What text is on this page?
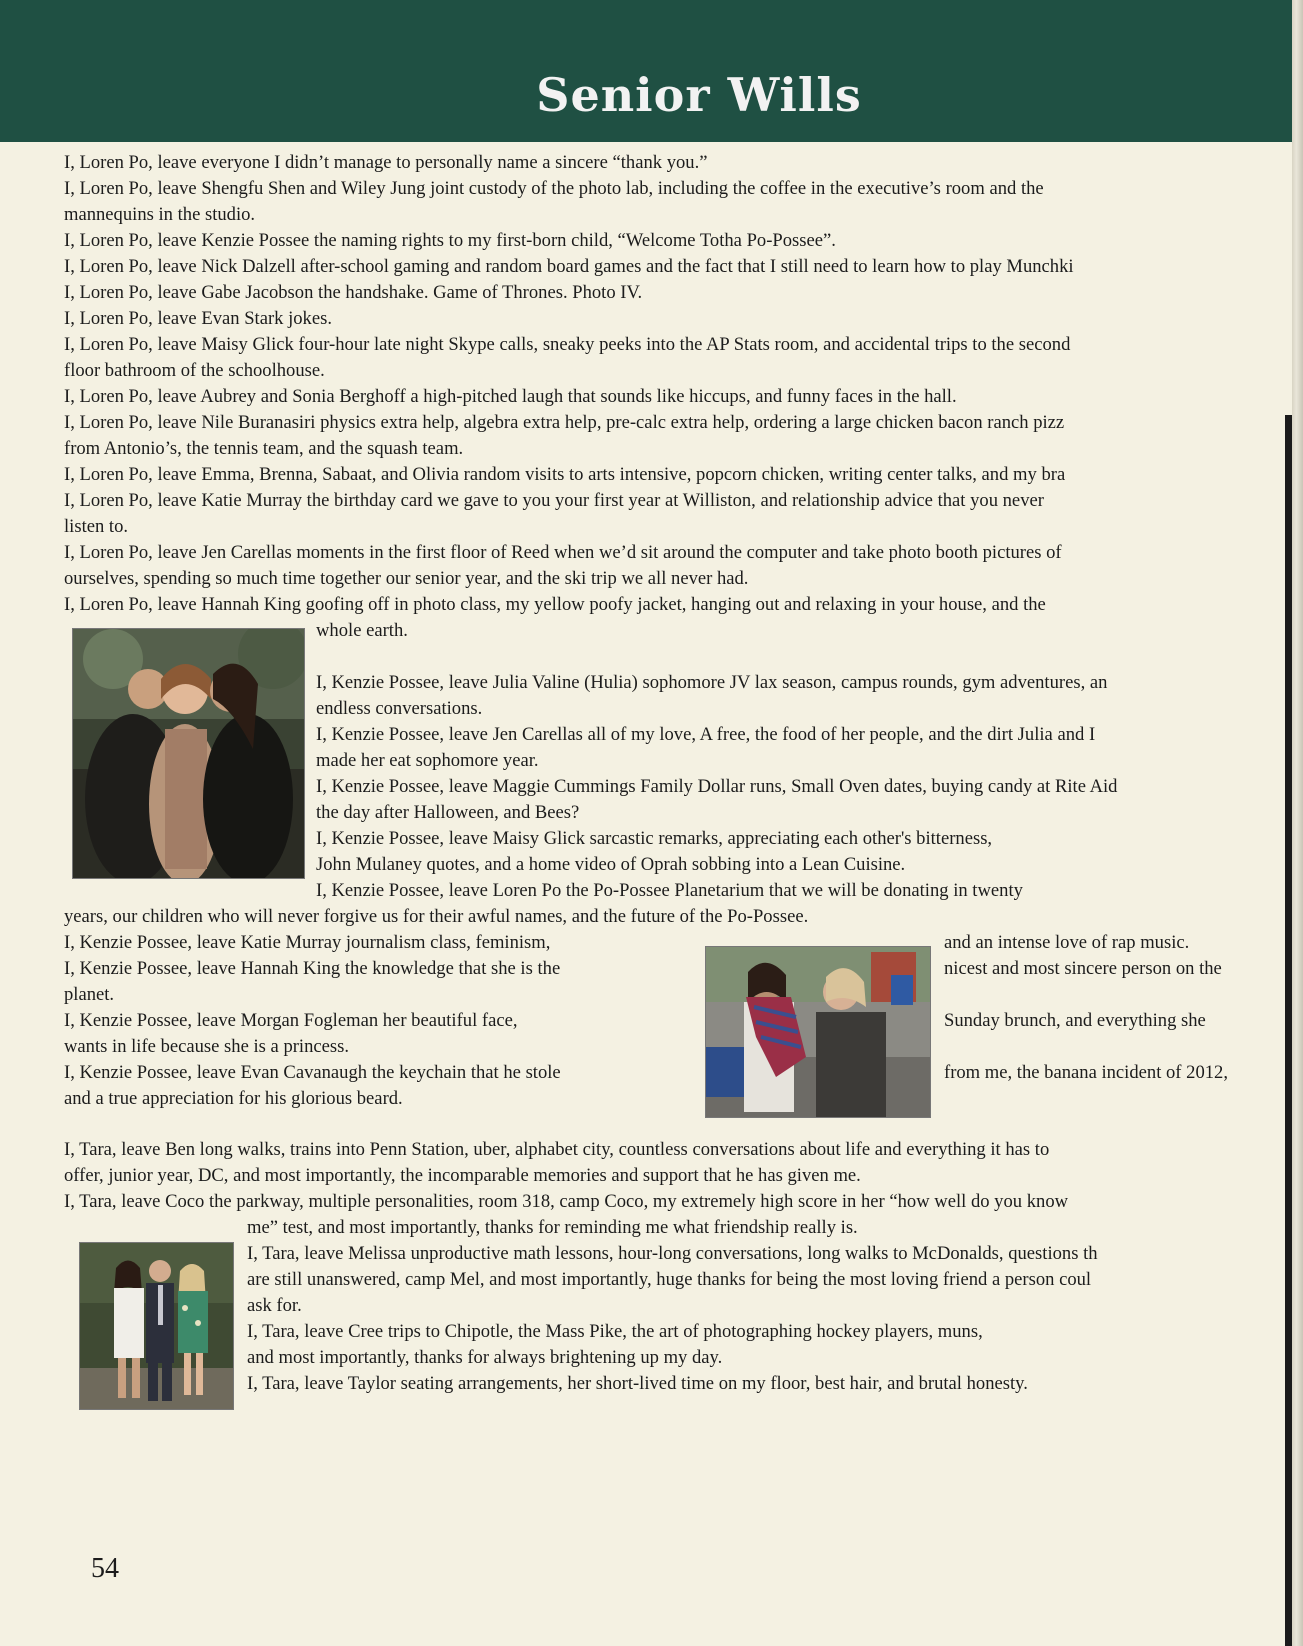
Senior Wills
I, Loren Po, leave everyone I didn’t manage to personally name a sincere “thank you.”
I, Loren Po, leave Shengfu Shen and Wiley Jung joint custody of the photo lab, including the coffee in the executive’s room and the
mannequins in the studio.
I, Loren Po, leave Kenzie Possee the naming rights to my first-born child, “Welcome Totha Po-Possee”.
I, Loren Po, leave Nick Dalzell after-school gaming and random board games and the fact that I still need to learn how to play Munchki
I, Loren Po, leave Gabe Jacobson the handshake. Game of Thrones. Photo IV.
I, Loren Po, leave Evan Stark jokes.
I, Loren Po, leave Maisy Glick four-hour late night Skype calls, sneaky peeks into the AP Stats room, and accidental trips to the second
floor bathroom of the schoolhouse.
I, Loren Po, leave Aubrey and Sonia Berghoff a high-pitched laugh that sounds like hiccups, and funny faces in the hall.
I, Loren Po, leave Nile Buranasiri physics extra help, algebra extra help, pre-calc extra help, ordering a large chicken bacon ranch pizz
from Antonio’s, the tennis team, and the squash team.
I, Loren Po, leave Emma, Brenna, Sabaat, and Olivia random visits to arts intensive, popcorn chicken, writing center talks, and my bra
I, Loren Po, leave Katie Murray the birthday card we gave to you your first year at Williston, and relationship advice that you never
listen to.
I, Loren Po, leave Jen Carellas moments in the first floor of Reed when we’d sit around the computer and take photo booth pictures of
ourselves, spending so much time together our senior year, and the ski trip we all never had.
I, Loren Po, leave Hannah King goofing off in photo class, my yellow poofy jacket, hanging out and relaxing in your house, and the
whole earth.

I, Kenzie Possee, leave Julia Valine (Hulia) sophomore JV lax season, campus rounds, gym adventures, an
endless conversations.
I, Kenzie Possee, leave Jen Carellas all of my love, A free, the food of her people, and the dirt Julia and I
made her eat sophomore year.
I, Kenzie Possee, leave Maggie Cummings Family Dollar runs, Small Oven dates, buying candy at Rite Aid
the day after Halloween, and Bees?
I, Kenzie Possee, leave Maisy Glick sarcastic remarks, appreciating each other's bitterness,
John Mulaney quotes, and a home video of Oprah sobbing into a Lean Cuisine.
I, Kenzie Possee, leave Loren Po the Po-Possee Planetarium that we will be donating in twenty
years, our children who will never forgive us for their awful names, and the future of the Po-Possee.
I, Kenzie Possee, leave Katie Murray journalism class, feminism,
I, Kenzie Possee, leave Hannah King the knowledge that she is the
planet.
I, Kenzie Possee, leave Morgan Fogleman her beautiful face,
wants in life because she is a princess.
I, Kenzie Possee, leave Evan Cavanaugh the keychain that he stole
and a true appreciation for his glorious beard.
and an intense love of rap music.
nicest and most sincere person on the

Sunday brunch, and everything she

from me, the banana incident of 2012,
I, Tara, leave Ben long walks, trains into Penn Station, uber, alphabet city, countless conversations about life and everything it has to
offer, junior year, DC, and most importantly, the incomparable memories and support that he has given me.
I, Tara, leave Coco the parkway, multiple personalities, room 318, camp Coco, my extremely high score in her “how well do you know
me” test, and most importantly, thanks for reminding me what friendship really is.
I, Tara, leave Melissa unproductive math lessons, hour-long conversations, long walks to McDonalds, questions th
are still unanswered, camp Mel, and most importantly, huge thanks for being the most loving friend a person coul
ask for.
I, Tara, leave Cree trips to Chipotle, the Mass Pike, the art of photographing hockey players, muns,
and most importantly, thanks for always brightening up my day.
I, Tara, leave Taylor seating arrangements, her short-lived time on my floor, best hair, and brutal honesty.
54
